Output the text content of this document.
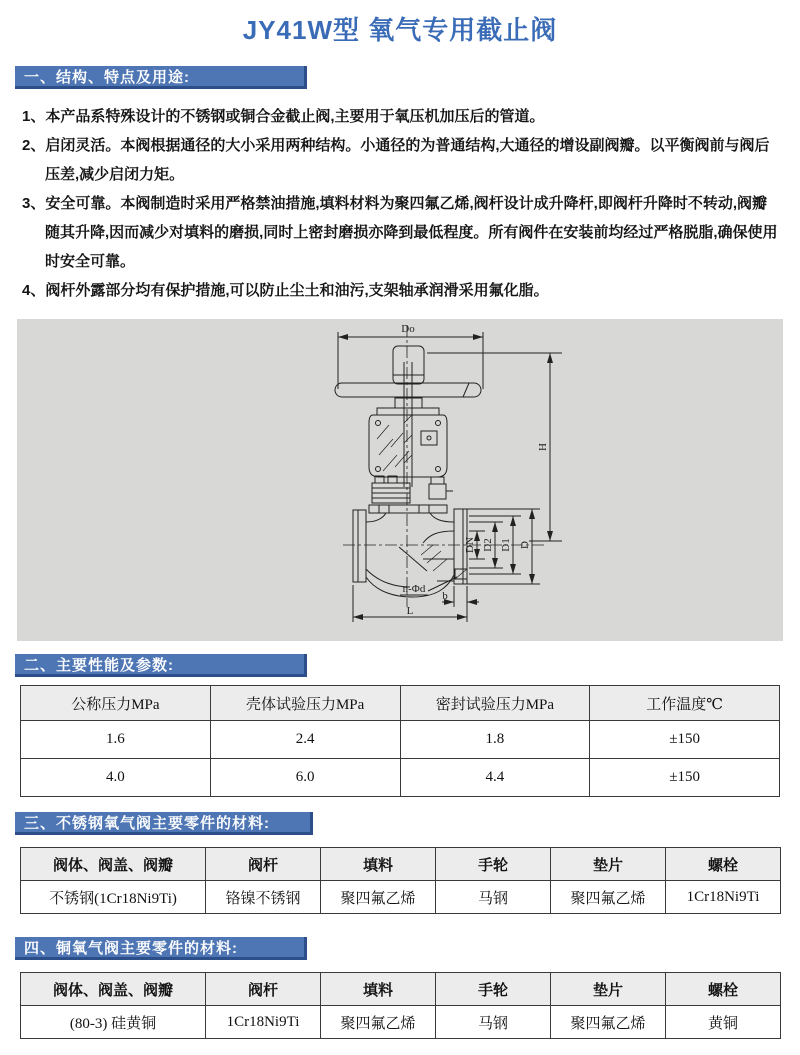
JY41W型 氧气专用截止阀
一、结构、特点及用途:

1、本产品系特殊设计的不锈钢或铜合金截止阀,主要用于氧压机加压后的管道。

2、启闭灵活。本阀根据通径的大小采用两种结构。小通径的为普通结构,大通径的增设副阀瓣。以平衡阀前与阀后压差,减少启闭力矩。

3、安全可靠。本阀制造时采用严格禁油措施,填料材料为聚四氟乙烯,阀杆设计成升降杆,即阀杆升降时不转动,阀瓣随其升降,因而减少对填料的磨损,同时上密封磨损亦降到最低程度。所有阀件在安装前均经过严格脱脂,确保使用时安全可靠。

4、阀杆外露部分均有保护措施,可以防止尘土和油污,支架轴承润滑采用氟化脂。

Do
H
DN D2 D1 D
n-Φd
b
L
二、主要性能及参数:
公称压力MPa	壳体试验压力MPa	密封试验压力MPa	工作温度℃
1.6	2.4	1.8	±150
4.0	6.0	4.4	±150
三、不锈钢氧气阀主要零件的材料:
阀体、阀盖、阀瓣	阀杆	填料	手轮	垫片	螺栓
不锈钢(1Cr18Ni9Ti)	铬镍不锈钢	聚四氟乙烯	马钢	聚四氟乙烯	1Cr18Ni9Ti
四、铜氧气阀主要零件的材料:
阀体、阀盖、阀瓣	阀杆	填料	手轮	垫片	螺栓
(80-3) 硅黄铜	1Cr18Ni9Ti	聚四氟乙烯	马钢	聚四氟乙烯	黄铜
